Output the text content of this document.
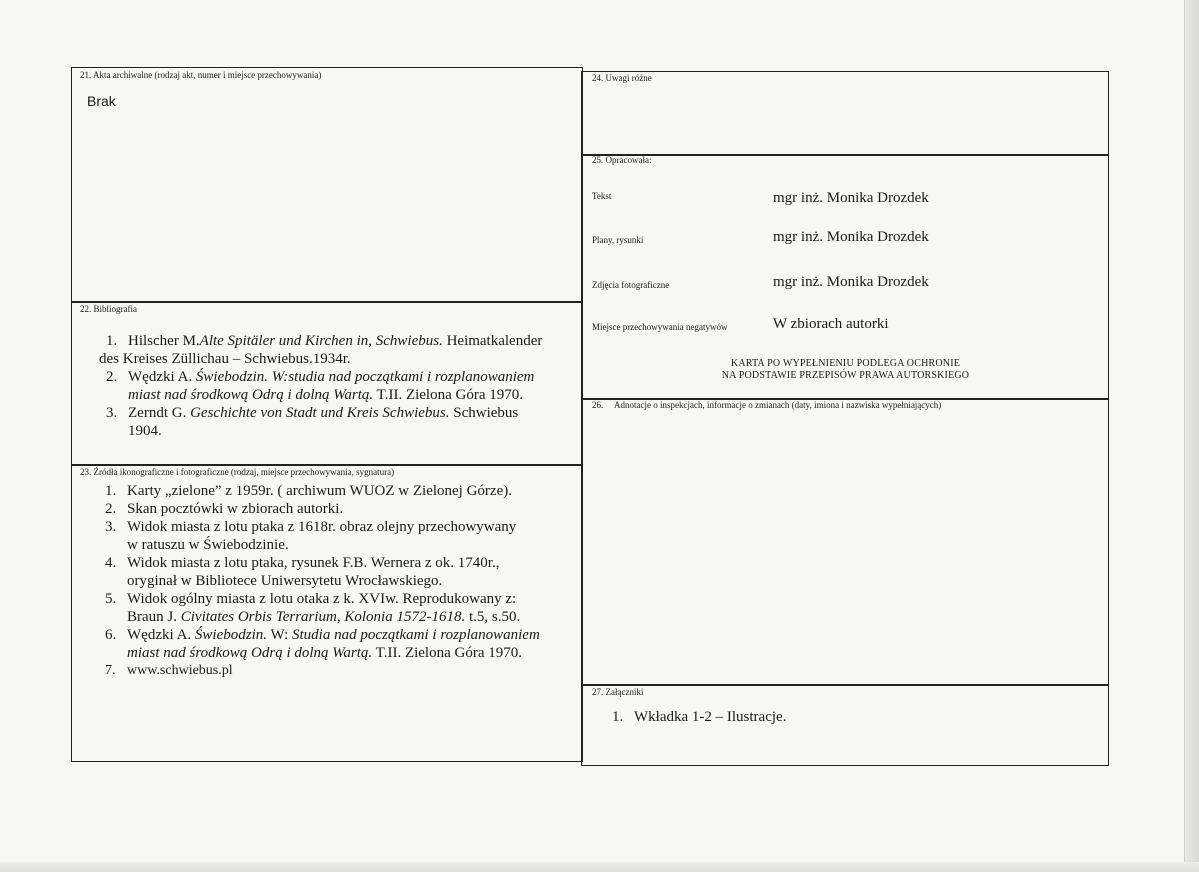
21. Akta archiwalne (rodzaj akt, numer i miejsce przechowywania)
Brak
22. Bibliografia
1. Hilscher M.Alte Spitäler und Kirchen in, Schwiebus. Heimatkalender
des Kreises Züllichau – Schwiebus.1934r.
2. Wędzki A. Świebodzin. W:studia nad początkami i rozplanowaniem
miast nad środkową Odrą i dolną Wartą. T.II. Zielona Góra 1970.
3. Zerndt G. Geschichte von Stadt und Kreis Schwiebus. Schwiebus
1904.
23. Źródła ikonograficzne i fotograficzne (rodzaj, miejsce przechowywania, sygnatura)
1. Karty „zielone” z 1959r. ( archiwum WUOZ w Zielonej Górze).
2. Skan pocztówki w zbiorach autorki.
3. Widok miasta z lotu ptaka z 1618r. obraz olejny przechowywany
w ratuszu w Świebodzinie.
4. Widok miasta z lotu ptaka, rysunek F.B. Wernera z ok. 1740r.,
oryginał w Bibliotece Uniwersytetu Wrocławskiego.
5. Widok ogólny miasta z lotu otaka z k. XVIw. Reprodukowany z:
Braun J. Civitates Orbis Terrarium, Kolonia 1572-1618. t.5, s.50.
6. Wędzki A. Świebodzin. W: Studia nad początkami i rozplanowaniem
miast nad środkową Odrą i dolną Wartą. T.II. Zielona Góra 1970.
7. www.schwiebus.pl
24. Uwagi różne
25. Opracowała:
Tekst	mgr inż. Monika Drozdek
Plany, rysunki	mgr inż. Monika Drozdek
Zdjęcia fotograficzne	mgr inż. Monika Drozdek
Miejsce przechowywania negatywów	W zbiorach autorki
KARTA PO WYPEŁNIENIU PODLEGA OCHRONIE
NA PODSTAWIE PRZEPISÓW PRAWA AUTORSKIEGO
26.     Adnotacje o inspekcjach, informacje o zmianach (daty, imiona i nazwiska wypełniających)
27. Załączniki
1. Wkładka 1-2 – Ilustracje.
